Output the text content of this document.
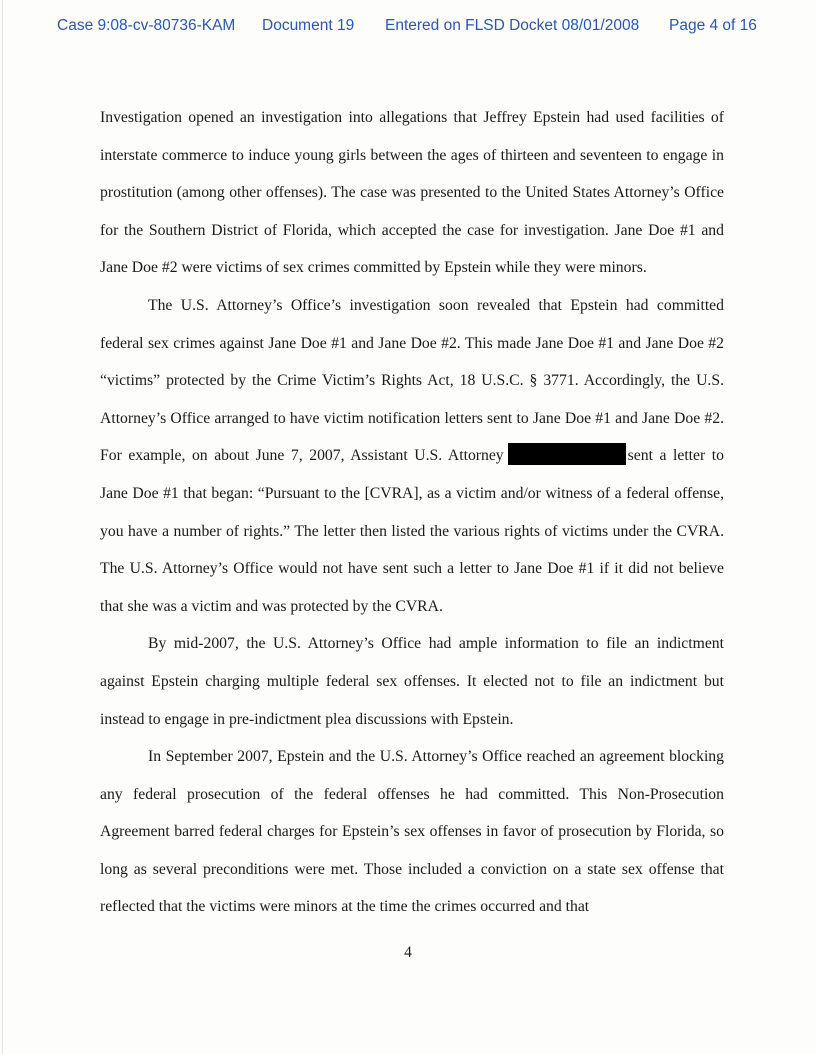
Case 9:08-cv-80736-KAM Document 19 Entered on FLSD Docket 08/01/2008 Page 4 of 16

Investigation opened an investigation into allegations that Jeffrey Epstein had used facilities of interstate commerce to induce young girls between the ages of thirteen and seventeen to engage in prostitution (among other offenses). The case was presented to the United States Attorney’s Office for the Southern District of Florida, which accepted the case for investigation. Jane Doe #1 and Jane Doe #2 were victims of sex crimes committed by Epstein while they were minors.

The U.S. Attorney’s Office’s investigation soon revealed that Epstein had committed federal sex crimes against Jane Doe #1 and Jane Doe #2. This made Jane Doe #1 and Jane Doe #2 “victims” protected by the Crime Victim’s Rights Act, 18 U.S.C. § 3771. Accordingly, the U.S. Attorney’s Office arranged to have victim notification letters sent to Jane Doe #1 and Jane Doe #2. For example, on about June 7, 2007, Assistant U.S. Attorney	sent a letter to Jane Doe #1 that began: “Pursuant to the [CVRA], as a victim and/or witness of a federal offense, you have a number of rights.” The letter then listed the various rights of victims under the CVRA. The U.S. Attorney’s Office would not have sent such a letter to Jane Doe #1 if it did not believe that she was a victim and was protected by the CVRA.

By mid-2007, the U.S. Attorney’s Office had ample information to file an indictment against Epstein charging multiple federal sex offenses. It elected not to file an indictment but instead to engage in pre-indictment plea discussions with Epstein.

In September 2007, Epstein and the U.S. Attorney’s Office reached an agreement blocking any federal prosecution of the federal offenses he had committed. This Non-Prosecution Agreement barred federal charges for Epstein’s sex offenses in favor of prosecution by Florida, so long as several preconditions were met. Those included a conviction on a state sex offense that reflected that the victims were minors at the time the crimes occurred and that

4
